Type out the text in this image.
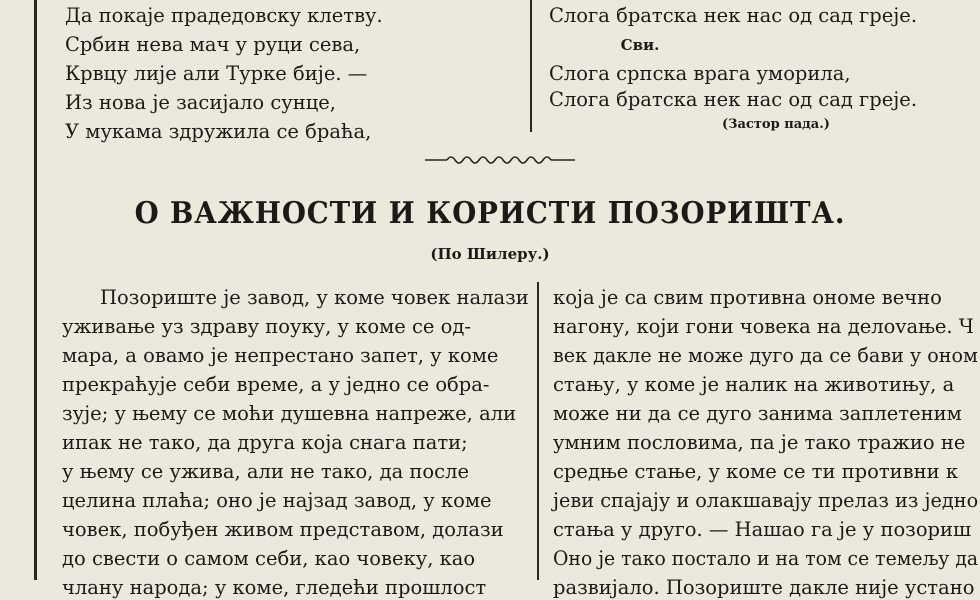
Да покаје прадедовску клетву.
Србин нева мач у руци сева,
Крвцу лије али Турке бије. —
Из нова је засијало сунце,
У мукама здружила се браћа,
Слога братска нек нас од сад греје.
Сви.
Слога српска врага уморила,
Слога братска нек нас од сад греје.
(Застор пада.)
О ВАЖНОСТИ И КОРИСТИ ПОЗОРИШТА.
(По Шилеру.)
Позориште је завод, у коме човек налази
уживање уз здраву поуку, у коме се од-
мара, а овамо је непрестано запет, у коме
прекраћује себи време, а у једно се обра-
зује; у њему се моћи душевна напреже, али
ипак не тако, да друга која снага пати;
у њему се ужива, али не тако, да после
целина плаћа; оно је најзад завод, у коме
човек, побуђен живом представом, долази
до свести о самом себи, као човеку, као
члану народа; у коме, гледећи прошлост
која је са свим противна ономе вечно
нагону, који гони човека на делovање. Ч
век дакле не може дуго да се бави у оном
стању, у коме је налик на животињу, а
може ни да се дуго занима заплетеним
умним пословима, па је тако тражио не
средње стање, у коме се ти противни к
јеви спајају и олакшавају прелаз из једно
стања у друго. — Нашао га је у позориш
Оно је тако постало и на том се темељу да
развијало. Позориште дакле није устано
